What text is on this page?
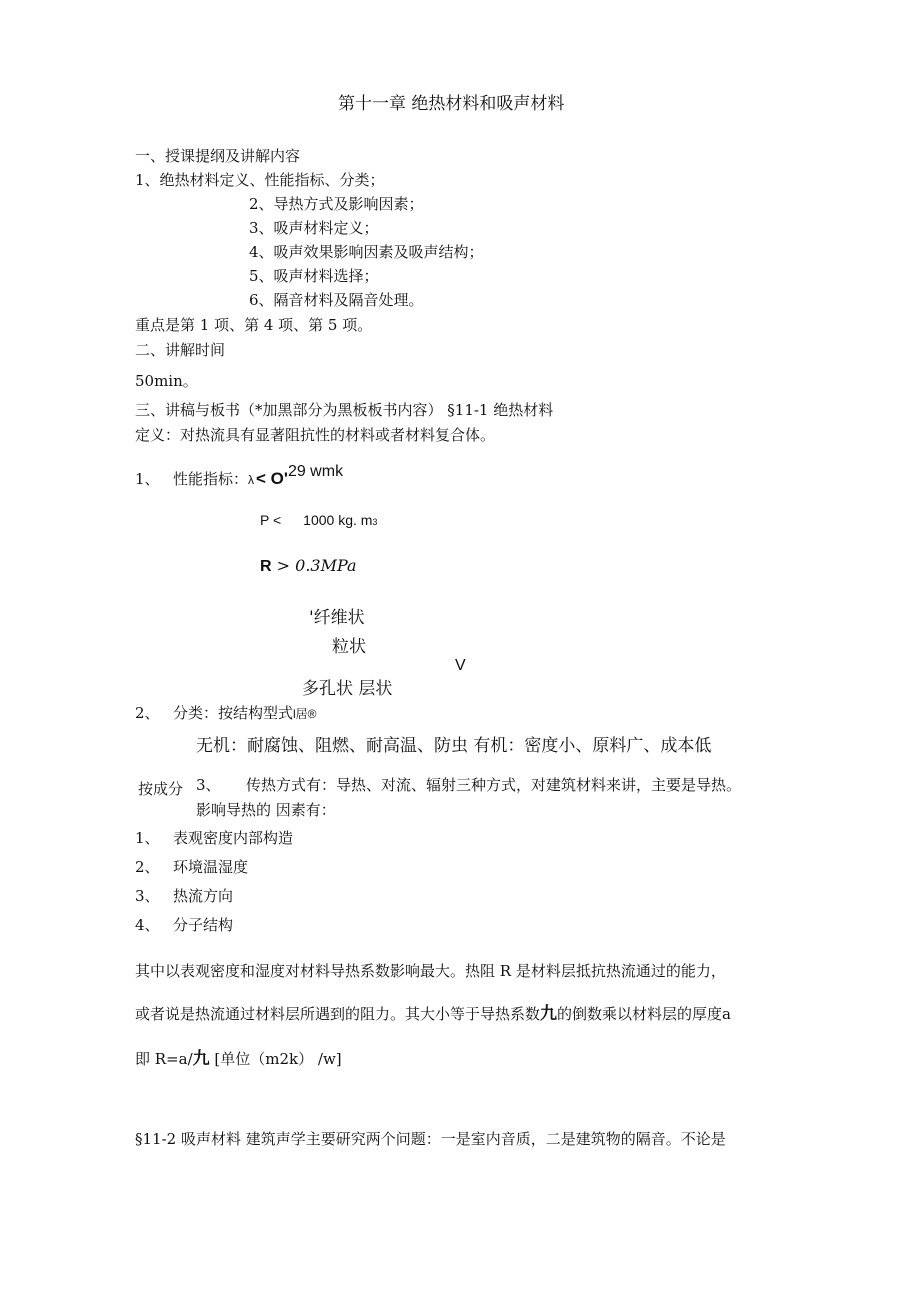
第十一章 绝热材料和吸声材料
一、授课提纲及讲解内容
1、绝热材料定义、性能指标、分类；
2、导热方式及影响因素；
3、吸声材料定义；
4、吸声效果影响因素及吸声结构；
5、吸声材料选择；
6、隔音材料及隔音处理。
重点是第 1 项、第 4 项、第 5 项。
二、讲解时间
50min。
三、讲稿与板书（*加黑部分为黑板板书内容） §11-1 绝热材料
定义：对热流具有显著阻抗性的材料或者材料复合体。
1、 性能指标：λ < O'29 wmk
P < 1000 kg. m3
R > 0.3MPa
'纤维状
粒状
V
多孔状 层状
2、 分类：按结构型式l居®
无机：耐腐蚀、阻燃、耐高温、防虫 有机：密度小、原料广、成本低
按成分 3、 传热方式有：导热、对流、辐射三种方式，对建筑材料来讲，主要是导热。
影响导热的 因素有：
1、 表观密度内部构造
2、 环境温湿度
3、 热流方向
4、 分子结构
其中以表观密度和湿度对材料导热系数影响最大。热阻 R 是材料层抵抗热流通过的能力，
或者说是热流通过材料层所遇到的阻力。其大小等于导热系数九的倒数乘以材料层的厚度a
即 R=a/九 [单位（m2k） /w]
§11-2 吸声材料 建筑声学主要研究两个问题：一是室内音质，二是建筑物的隔音。不论是
